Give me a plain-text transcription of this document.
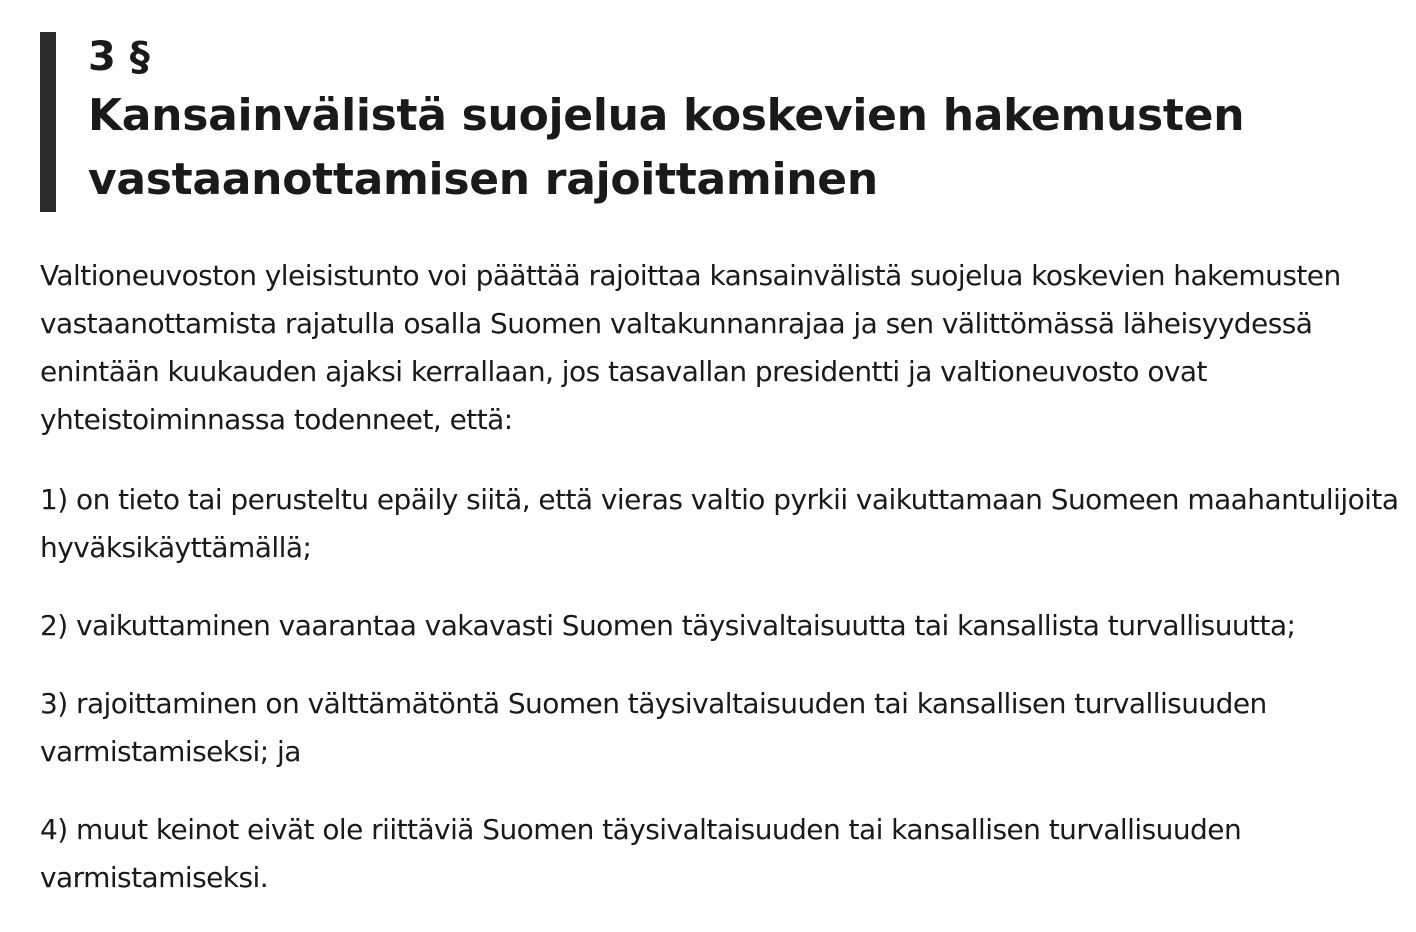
3 §
Kansainvälistä suojelua koskevien hakemusten vastaanottamisen rajoittaminen

Valtioneuvoston yleisistunto voi päättää rajoittaa kansainvälistä suojelua koskevien hakemusten vastaanottamista rajatulla osalla Suomen valtakunnanrajaa ja sen välittömässä läheisyydessä enintään kuukauden ajaksi kerrallaan, jos tasavallan presidentti ja valtioneuvosto ovat yhteistoiminnassa todenneet, että:

1) on tieto tai perusteltu epäily siitä, että vieras valtio pyrkii vaikuttamaan Suomeen maahantulijoita hyväksikäyttämällä;

2) vaikuttaminen vaarantaa vakavasti Suomen täysivaltaisuutta tai kansallista turvallisuutta;

3) rajoittaminen on välttämätöntä Suomen täysivaltaisuuden tai kansallisen turvallisuuden varmistamiseksi; ja

4) muut keinot eivät ole riittäviä Suomen täysivaltaisuuden tai kansallisen turvallisuuden varmistamiseksi.
